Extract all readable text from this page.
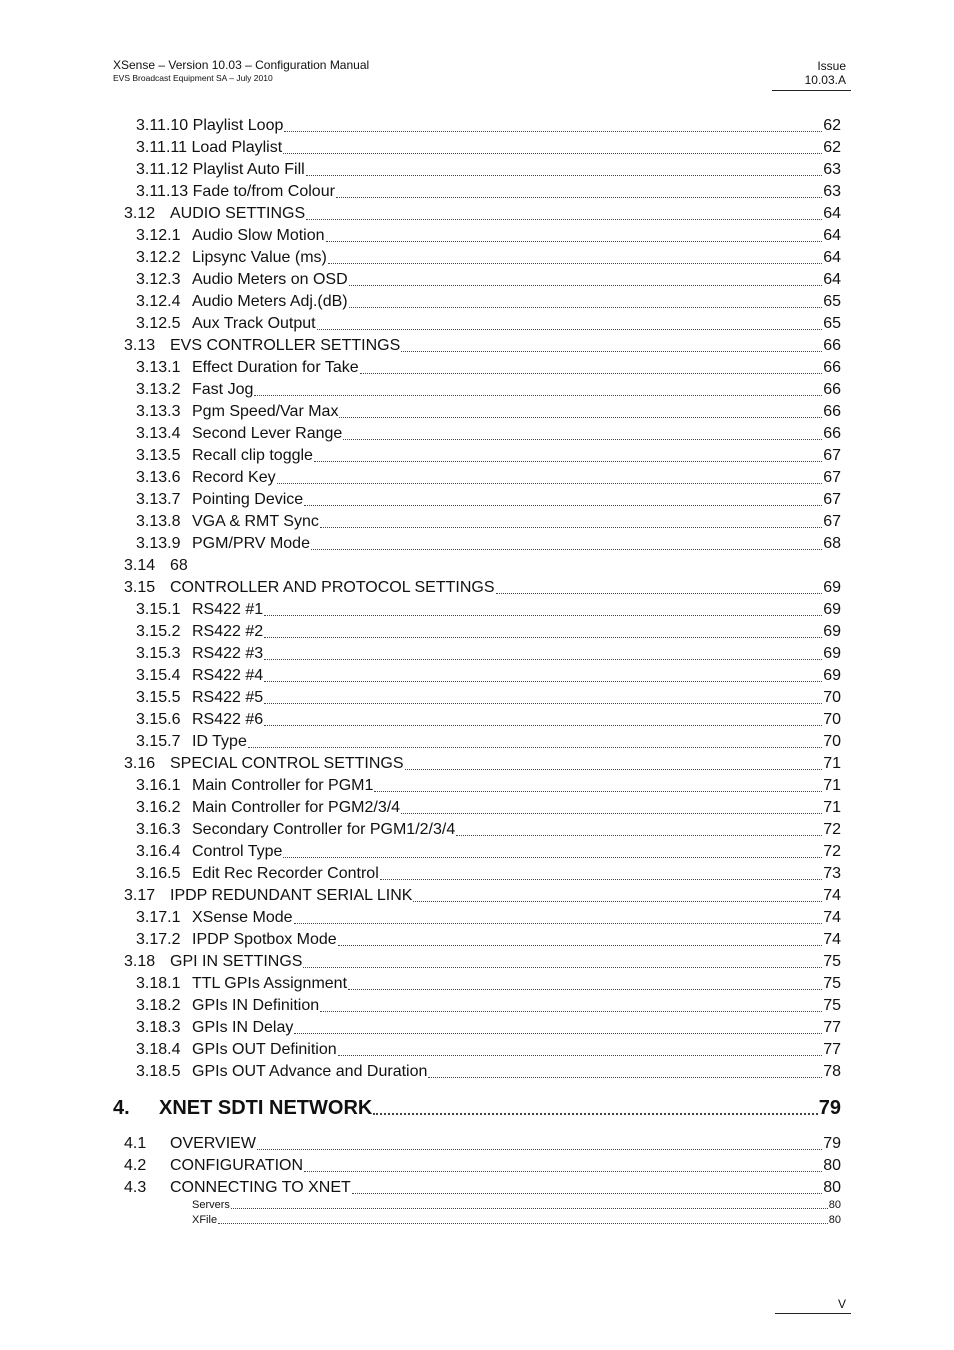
XSense – Version 10.03 – Configuration Manual
EVS Broadcast Equipment SA – July 2010
Issue
10.03.A
3.11.10 Playlist Loop	62
3.11.11 Load Playlist	62
3.11.12 Playlist Auto Fill	63
3.11.13 Fade to/from Colour	63
3.12 AUDIO SETTINGS	64
3.12.1 Audio Slow Motion	64
3.12.2 Lipsync Value (ms)	64
3.12.3 Audio Meters on OSD	64
3.12.4 Audio Meters Adj.(dB)	65
3.12.5 Aux Track Output	65
3.13 EVS CONTROLLER SETTINGS	66
3.13.1 Effect Duration for Take	66
3.13.2 Fast Jog	66
3.13.3 Pgm Speed/Var Max	66
3.13.4 Second Lever Range	66
3.13.5 Recall clip toggle	67
3.13.6 Record Key	67
3.13.7 Pointing Device	67
3.13.8 VGA & RMT Sync	67
3.13.9 PGM/PRV Mode	68
3.14 68
3.15 CONTROLLER AND PROTOCOL SETTINGS	69
3.15.1 RS422 #1	69
3.15.2 RS422 #2	69
3.15.3 RS422 #3	69
3.15.4 RS422 #4	69
3.15.5 RS422 #5	70
3.15.6 RS422 #6	70
3.15.7 ID Type	70
3.16 SPECIAL CONTROL SETTINGS	71
3.16.1 Main Controller for PGM1	71
3.16.2 Main Controller for PGM2/3/4	71
3.16.3 Secondary Controller for PGM1/2/3/4	72
3.16.4 Control Type	72
3.16.5 Edit Rec Recorder Control	73
3.17 IPDP REDUNDANT SERIAL LINK	74
3.17.1 XSense Mode	74
3.17.2 IPDP Spotbox Mode	74
3.18 GPI IN SETTINGS	75
3.18.1 TTL GPIs Assignment	75
3.18.2 GPIs IN Definition	75
3.18.3 GPIs IN Delay	77
3.18.4 GPIs OUT Definition	77
3.18.5 GPIs OUT Advance and Duration	78
4.	XNET SDTI NETWORK	79
4.1	OVERVIEW	79
4.2	CONFIGURATION	80
4.3	CONNECTING TO XNET	80
Servers	80
XFile	80
V
